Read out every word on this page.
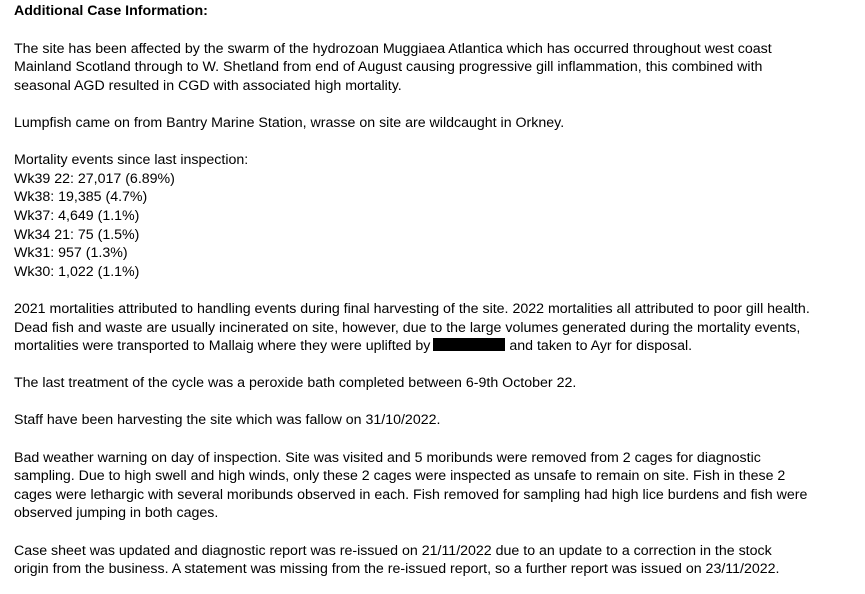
Additional Case Information:

The site has been affected by the swarm of the hydrozoan Muggiaea Atlantica which has occurred throughout west coast
Mainland Scotland through to W. Shetland from end of August causing progressive gill inflammation, this combined with
seasonal AGD resulted in CGD with associated high mortality.

Lumpfish came on from Bantry Marine Station, wrasse on site are wildcaught in Orkney.

Mortality events since last inspection:
Wk39 22: 27,017 (6.89%)
Wk38: 19,385 (4.7%)
Wk37: 4,649 (1.1%)
Wk34 21: 75 (1.5%)
Wk31: 957 (1.3%)
Wk30: 1,022 (1.1%)

2021 mortalities attributed to handling events during final harvesting of the site. 2022 mortalities all attributed to poor gill health.
Dead fish and waste are usually incinerated on site, however, due to the large volumes generated during the mortality events,
mortalities were transported to Mallaig where they were uplifted by	and taken to Ayr for disposal.

The last treatment of the cycle was a peroxide bath completed between 6-9th October 22.

Staff have been harvesting the site which was fallow on 31/10/2022.

Bad weather warning on day of inspection. Site was visited and 5 moribunds were removed from 2 cages for diagnostic
sampling. Due to high swell and high winds, only these 2 cages were inspected as unsafe to remain on site. Fish in these 2
cages were lethargic with several moribunds observed in each. Fish removed for sampling had high lice burdens and fish were
observed jumping in both cages.

Case sheet was updated and diagnostic report was re-issued on 21/11/2022 due to an update to a correction in the stock
origin from the business. A statement was missing from the re-issued report, so a further report was issued on 23/11/2022.
